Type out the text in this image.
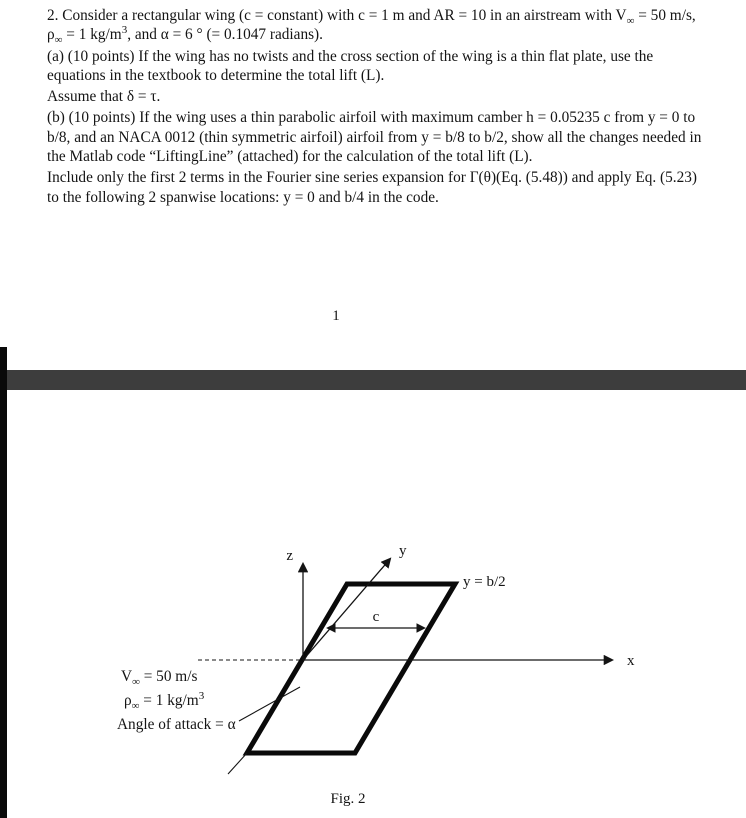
2. Consider a rectangular wing (c = constant) with c = 1 m and AR = 10 in an airstream with $V_\infty = 50$ m/s, $\rho_\infty = 1$ $kg/m^3$, and α = 6 ° (= 0.1047 radians).

(a) (10 points) If the wing has no twists and the cross section of the wing is a thin flat plate, use the equations in the textbook to determine the total lift (L).

Assume that δ = τ.

(b) (10 points) If the wing uses a thin parabolic airfoil with maximum camber h = 0.05235 c from y = 0 to b/8, and an NACA 0012 (thin symmetric airfoil) airfoil from y = b/8 to b/2, show all the changes needed in the Matlab code “LiftingLine” (attached) for the calculation of the total lift (L).

Include only the first 2 terms in the Fourier sine series expansion for Γ(θ)(Eq. (5.48)) and apply Eq. (5.23) to the following 2 spanwise locations: y = 0 and b/4 in the code.

1
z	y
x
y = b/2
c
$V_\infty = 50$ m/s
$\rho_\infty = 1$ $kg/m^3$
Angle of attack = α
Fig. 2
